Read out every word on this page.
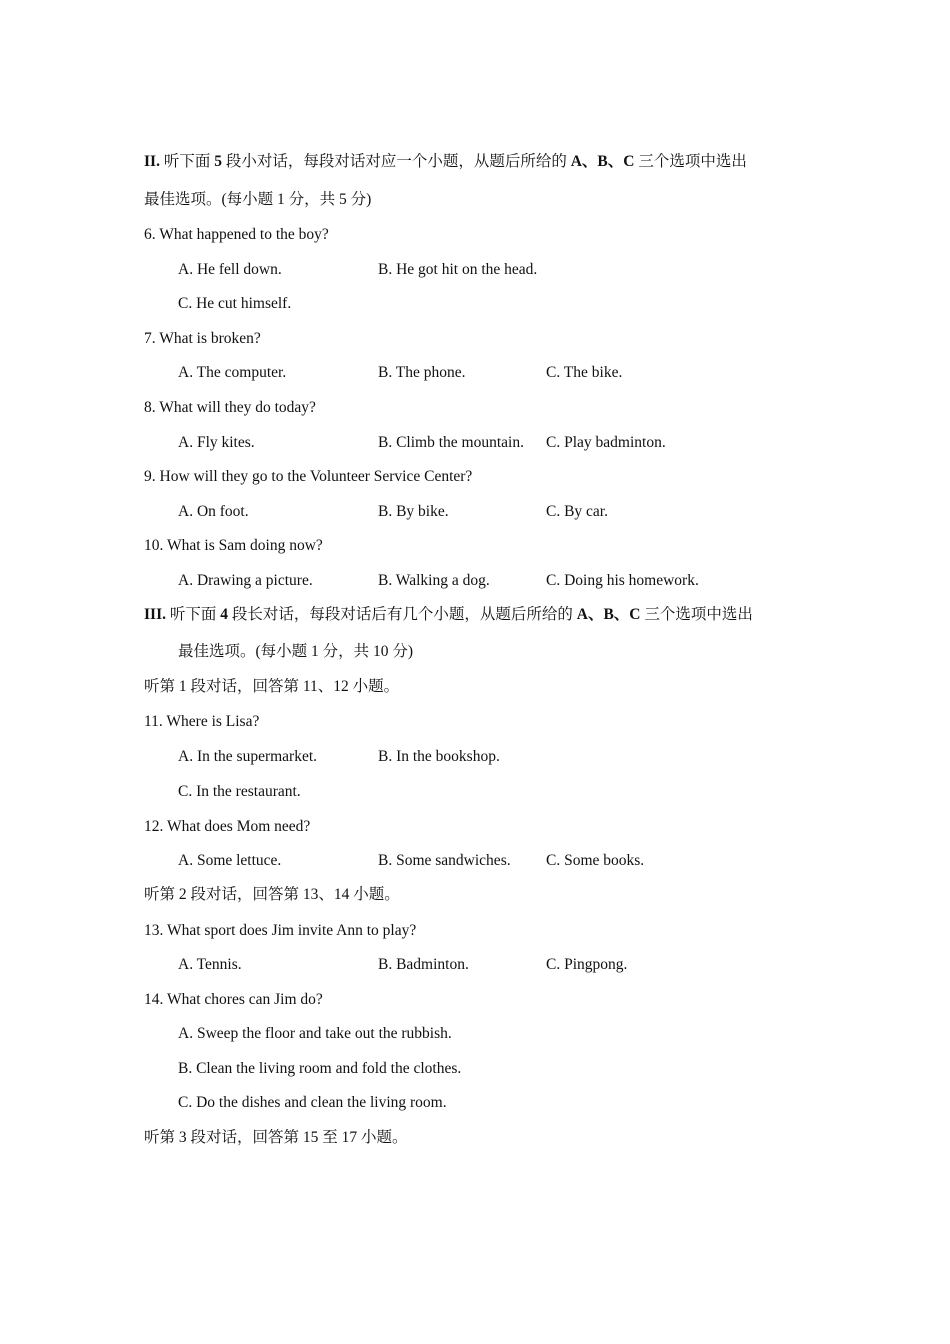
II. 听下面 5 段小对话，每段对话对应一个小题，从题后所给的 A、B、C 三个选项中选出
最佳选项。(每小题 1 分，共 5 分)
6. What happened to the boy?
A. He fell down.	B. He got hit on the head.
C. He cut himself.
7. What is broken?
A. The computer.	B. The phone.	C. The bike.
8. What will they do today?
A. Fly kites.	B. Climb the mountain. C. Play badminton.
9. How will they go to the Volunteer Service Center?
A. On foot.	B. By bike.	C. By car.
10. What is Sam doing now?
A. Drawing a picture.	B. Walking a dog.	C. Doing his homework.
III. 听下面 4 段长对话，每段对话后有几个小题，从题后所给的 A、B、C 三个选项中选出
最佳选项。(每小题 1 分，共 10 分)
听第 1 段对话，回答第 11、12 小题。
11. Where is Lisa?
A. In the supermarket.	B. In the bookshop.
C. In the restaurant.
12. What does Mom need?
A. Some lettuce.	B. Some sandwiches. C. Some books.
听第 2 段对话，回答第 13、14 小题。
13. What sport does Jim invite Ann to play?
A. Tennis.	B. Badminton.	C. Pingpong.
14. What chores can Jim do?
A. Sweep the floor and take out the rubbish.
B. Clean the living room and fold the clothes.
C. Do the dishes and clean the living room.
听第 3 段对话，回答第 15 至 17 小题。
